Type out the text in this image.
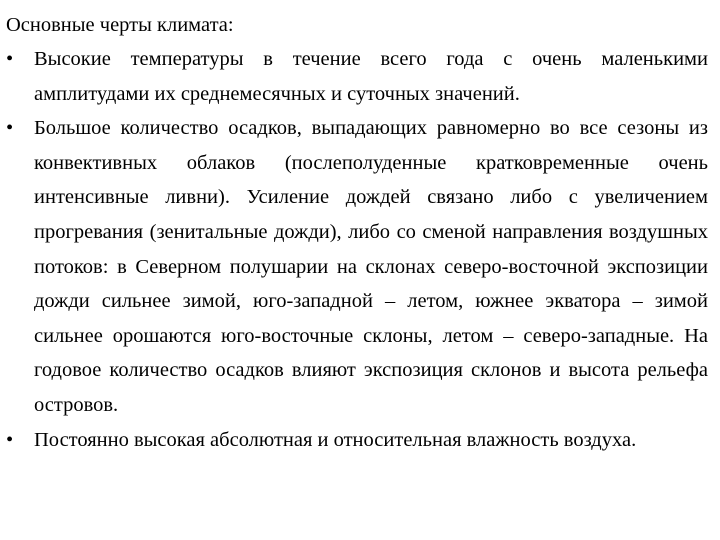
Основные черты климата:

•
Высокие температуры в течение всего года с очень маленькими амплитудами их среднемесячных и суточных значений.
•
Большое количество осадков, выпадающих равномерно во все сезоны из конвективных облаков (послеполуденные кратковременные очень интенсивные ливни). Усиление дождей связано либо с увеличением прогревания (зенитальные дожди), либо со сменой направления воздушных потоков: в Северном полушарии на склонах северо-восточной экспозиции дожди сильнее зимой, юго-западной – летом, южнее экватора – зимой сильнее орошаются юго-восточные склоны, летом – северо-западные. На годовое количество осадков влияют экспозиция склонов и высота рельефа островов.
•
Постоянно высокая абсолютная и относительная влажность воздуха.
